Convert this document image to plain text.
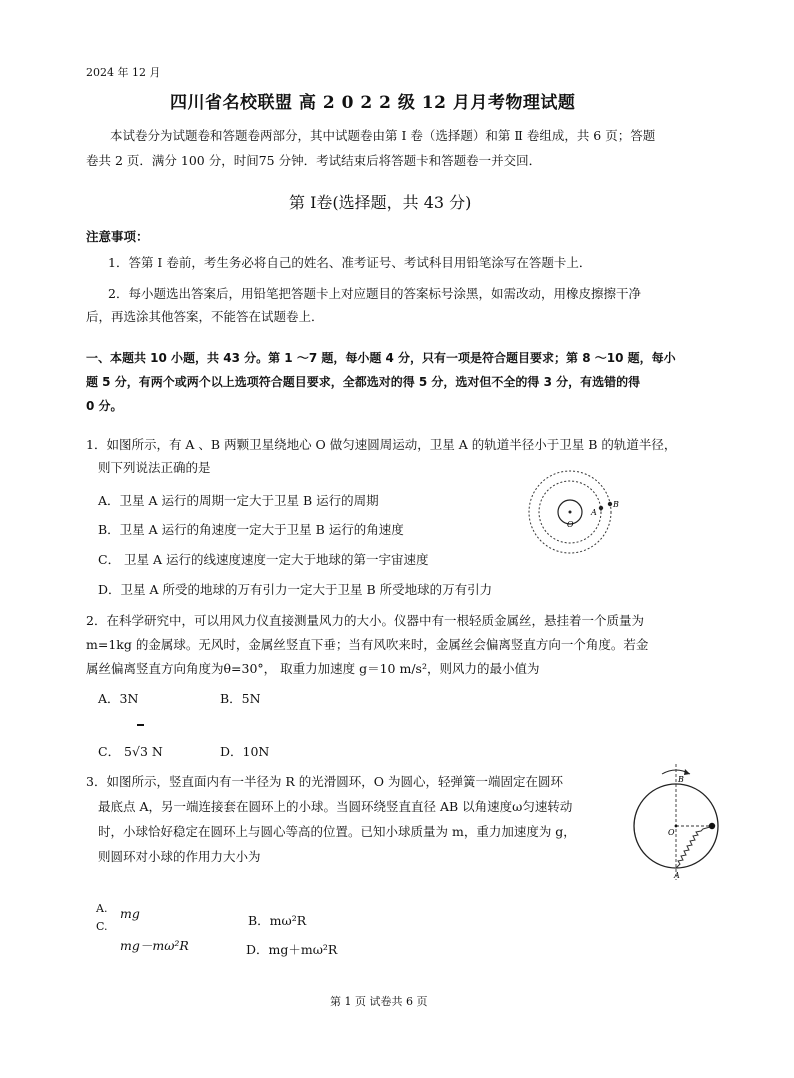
2024 年 12 月
四川省名校联盟 高 2 0 2 2 级 12 月月考物理试题
本试卷分为试题卷和答题卷两部分，其中试题卷由第 Ⅰ 卷（选择题）和第 Ⅱ 卷组成，共 6 页；答题
卷共 2 页．满分 100 分，时间75 分钟．考试结束后将答题卡和答题卷一并交回．
第 Ⅰ卷(选择题，共 43 分)
注意事项：
1．答第 Ⅰ 卷前，考生务必将自己的姓名、准考证号、考试科目用铅笔涂写在答题卡上．
2．每小题选出答案后，用铅笔把答题卡上对应题目的答案标号涂黑，如需改动，用橡皮擦擦干净
后，再选涂其他答案，不能答在试题卷上．
一、本题共 10 小题，共 43 分。第 1 ～7 题，每小题 4 分，只有一项是符合题目要求；第 8 ～10 题，每小
题 5 分，有两个或两个以上选项符合题目要求，全都选对的得 5 分，选对但不全的得 3 分，有选错的得
0 分。
1．如图所示，有 A 、B 两颗卫星绕地心 O 做匀速圆周运动，卫星 A 的轨道半径小于卫星 B 的轨道半径，
则下列说法正确的是
A．卫星 A 运行的周期一定大于卫星 B 运行的周期
B．卫星 A 运行的角速度一定大于卫星 B 运行的角速度
C． 卫星 A 运行的线速度速度一定大于地球的第一宇宙速度
D．卫星 A 所受的地球的万有引力一定大于卫星 B 所受地球的万有引力
A
B
O
2．在科学研究中，可以用风力仪直接测量风力的大小。仪器中有一根轻质金属丝，悬挂着一个质量为
m=1kg 的金属球。无风时，金属丝竖直下垂；当有风吹来时，金属丝会偏离竖直方向一个角度。若金
属丝偏离竖直方向角度为θ=30°， 取重力加速度 g＝10 m/s²，则风力的最小值为
A．3N	B．5N
C． 5√3 N	D．10N
3．如图所示，竖直面内有一半径为 R 的光滑圆环，O 为圆心，轻弹簧一端固定在圆环
最底点 A，另一端连接套在圆环上的小球。当圆环绕竖直直径 AB 以角速度ω匀速转动
时，小球恰好稳定在圆环上与圆心等高的位置。已知小球质量为 m，重力加速度为 g，
则圆环对小球的作用力大小为
B
O
A
A. mg
C.
mg－mω²R
B．mω²R
D．mg＋mω²R
第 1 页 试卷共 6 页
